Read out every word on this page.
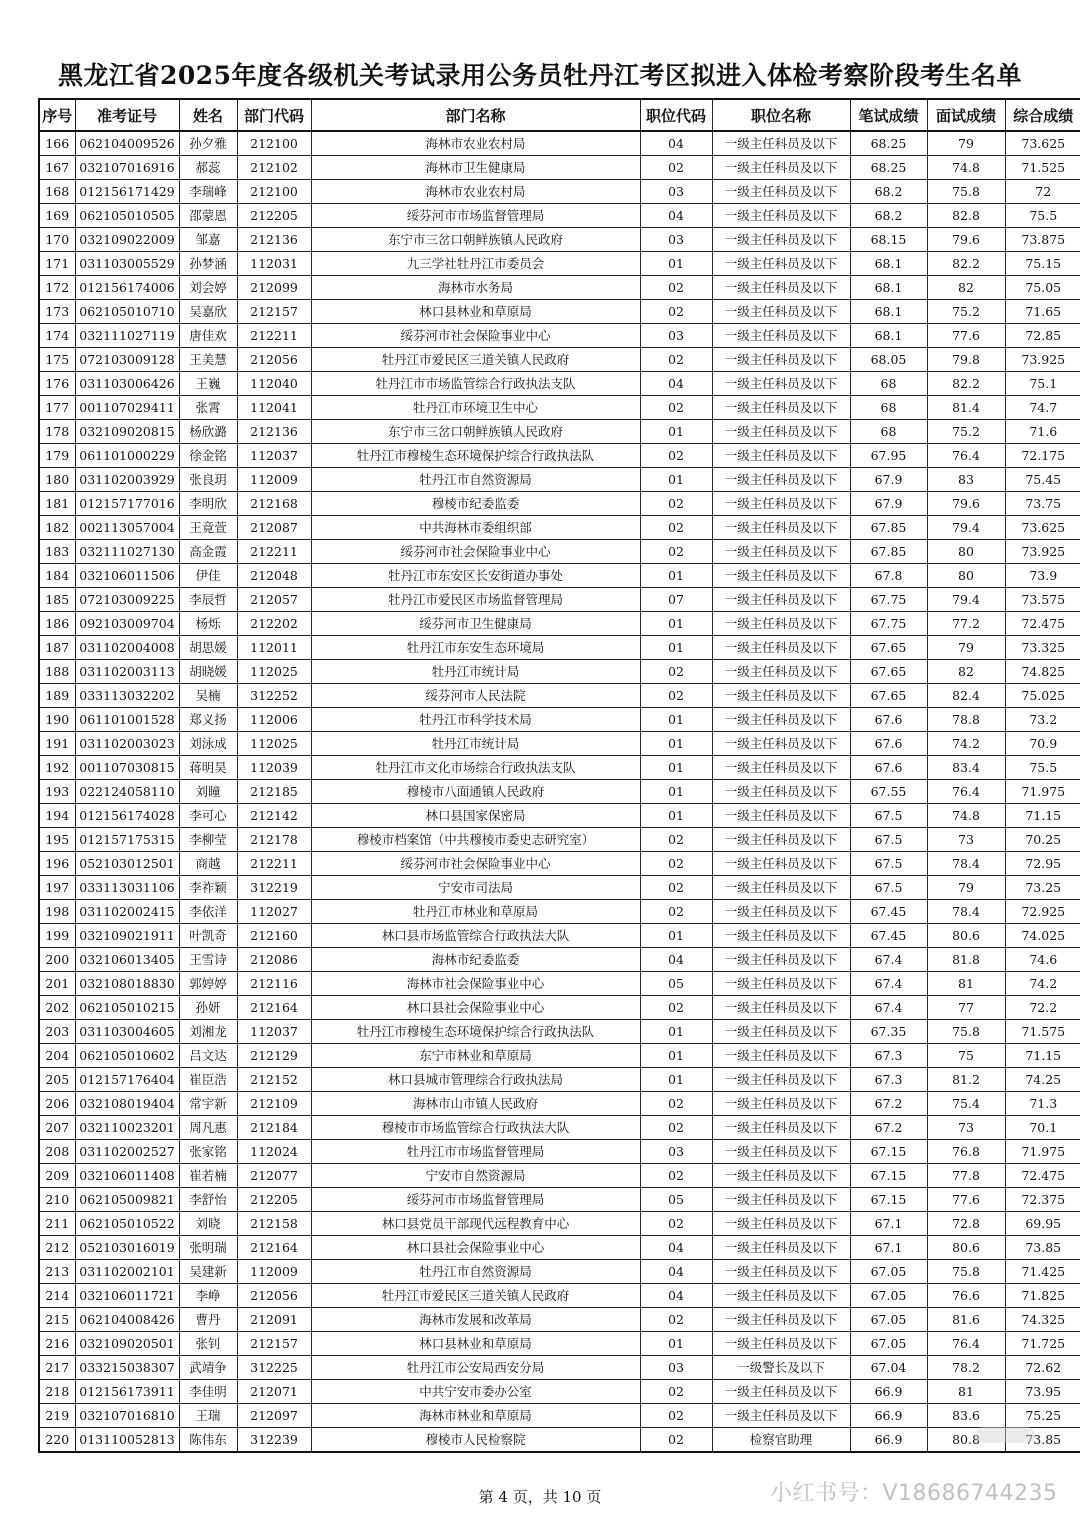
黑龙江省2025年度各级机关考试录用公务员牡丹江考区拟进入体检考察阶段考生名单
序号	准考证号	姓名	部门代码	部门名称	职位代码	职位名称	笔试成绩	面试成绩	综合成绩
166	062104009526	孙夕雅	212100	海林市农业农村局	04	一级主任科员及以下	68.25	79	73.625
167	032107016916	郝蕊	212102	海林市卫生健康局	02	一级主任科员及以下	68.25	74.8	71.525
168	012156171429	李瑞峰	212100	海林市农业农村局	03	一级主任科员及以下	68.2	75.8	72
169	062105010505	邵蒙恩	212205	绥芬河市市场监督管理局	04	一级主任科员及以下	68.2	82.8	75.5
170	032109022009	邹嘉	212136	东宁市三岔口朝鲜族镇人民政府	03	一级主任科员及以下	68.15	79.6	73.875
171	031103005529	孙梦涵	112031	九三学社牡丹江市委员会	01	一级主任科员及以下	68.1	82.2	75.15
172	012156174006	刘会婷	212099	海林市水务局	02	一级主任科员及以下	68.1	82	75.05
173	062105010710	吴嘉欣	212157	林口县林业和草原局	02	一级主任科员及以下	68.1	75.2	71.65
174	032111027119	唐佳欢	212211	绥芬河市社会保险事业中心	03	一级主任科员及以下	68.1	77.6	72.85
175	072103009128	王美慧	212056	牡丹江市爱民区三道关镇人民政府	02	一级主任科员及以下	68.05	79.8	73.925
176	031103006426	王巍	112040	牡丹江市市场监管综合行政执法支队	04	一级主任科员及以下	68	82.2	75.1
177	001107029411	张霄	112041	牡丹江市环境卫生中心	02	一级主任科员及以下	68	81.4	74.7
178	032109020815	杨欣潞	212136	东宁市三岔口朝鲜族镇人民政府	01	一级主任科员及以下	68	75.2	71.6
179	061101000229	徐金铭	112037	牡丹江市穆棱生态环境保护综合行政执法队	02	一级主任科员及以下	67.95	76.4	72.175
180	031102003929	张良玥	112009	牡丹江市自然资源局	01	一级主任科员及以下	67.9	83	75.45
181	012157177016	李明欣	212168	穆棱市纪委监委	02	一级主任科员及以下	67.9	79.6	73.75
182	002113057004	王竟萱	212087	中共海林市委组织部	02	一级主任科员及以下	67.85	79.4	73.625
183	032111027130	高金霞	212211	绥芬河市社会保险事业中心	02	一级主任科员及以下	67.85	80	73.925
184	032106011506	伊佳	212048	牡丹江市东安区长安街道办事处	01	一级主任科员及以下	67.8	80	73.9
185	072103009225	李辰哲	212057	牡丹江市爱民区市场监督管理局	07	一级主任科员及以下	67.75	79.4	73.575
186	092103009704	杨烁	212202	绥芬河市卫生健康局	01	一级主任科员及以下	67.75	77.2	72.475
187	031102004008	胡思媛	112011	牡丹江市东安生态环境局	01	一级主任科员及以下	67.65	79	73.325
188	031102003113	胡晓媛	112025	牡丹江市统计局	02	一级主任科员及以下	67.65	82	74.825
189	033113032202	吴楠	312252	绥芬河市人民法院	02	一级主任科员及以下	67.65	82.4	75.025
190	061101001528	郑义扬	112006	牡丹江市科学技术局	01	一级主任科员及以下	67.6	78.8	73.2
191	031102003023	刘泳成	112025	牡丹江市统计局	01	一级主任科员及以下	67.6	74.2	70.9
192	001107030815	蒋明昊	112039	牡丹江市文化市场综合行政执法支队	01	一级主任科员及以下	67.6	83.4	75.5
193	022124058110	刘瞳	212185	穆棱市八面通镇人民政府	01	一级主任科员及以下	67.55	76.4	71.975
194	012156174028	李可心	212142	林口县国家保密局	01	一级主任科员及以下	67.5	74.8	71.15
195	012157175315	李柳莹	212178	穆棱市档案馆（中共穆棱市委史志研究室）	02	一级主任科员及以下	67.5	73	70.25
196	052103012501	商越	212211	绥芬河市社会保险事业中心	02	一级主任科员及以下	67.5	78.4	72.95
197	033113031106	李祚颖	312219	宁安市司法局	02	一级主任科员及以下	67.5	79	73.25
198	031102002415	李依洋	112027	牡丹江市林业和草原局	02	一级主任科员及以下	67.45	78.4	72.925
199	032109021911	叶凯奇	212160	林口县市场监管综合行政执法大队	01	一级主任科员及以下	67.45	80.6	74.025
200	032106013405	王雪诗	212086	海林市纪委监委	04	一级主任科员及以下	67.4	81.8	74.6
201	032108018830	郭婷婷	212116	海林市社会保险事业中心	05	一级主任科员及以下	67.4	81	74.2
202	062105010215	孙妍	212164	林口县社会保险事业中心	02	一级主任科员及以下	67.4	77	72.2
203	031103004605	刘湘龙	112037	牡丹江市穆棱生态环境保护综合行政执法队	01	一级主任科员及以下	67.35	75.8	71.575
204	062105010602	吕文达	212129	东宁市林业和草原局	01	一级主任科员及以下	67.3	75	71.15
205	012157176404	崔臣浩	212152	林口县城市管理综合行政执法局	01	一级主任科员及以下	67.3	81.2	74.25
206	032108019404	常宇新	212109	海林市山市镇人民政府	02	一级主任科员及以下	67.2	75.4	71.3
207	032110023201	周凡惠	212184	穆棱市市场监管综合行政执法大队	02	一级主任科员及以下	67.2	73	70.1
208	031102002527	张家铭	112024	牡丹江市市场监督管理局	03	一级主任科员及以下	67.15	76.8	71.975
209	032106011408	崔若楠	212077	宁安市自然资源局	02	一级主任科员及以下	67.15	77.8	72.475
210	062105009821	李舒怡	212205	绥芬河市市场监督管理局	05	一级主任科员及以下	67.15	77.6	72.375
211	062105010522	刘晓	212158	林口县党员干部现代远程教育中心	02	一级主任科员及以下	67.1	72.8	69.95
212	052103016019	张明瑞	212164	林口县社会保险事业中心	04	一级主任科员及以下	67.1	80.6	73.85
213	031102002101	吴建新	112009	牡丹江市自然资源局	04	一级主任科员及以下	67.05	75.8	71.425
214	032106011721	李峥	212056	牡丹江市爱民区三道关镇人民政府	04	一级主任科员及以下	67.05	76.6	71.825
215	062104008426	曹丹	212091	海林市发展和改革局	02	一级主任科员及以下	67.05	81.6	74.325
216	032109020501	张钊	212157	林口县林业和草原局	01	一级主任科员及以下	67.05	76.4	71.725
217	033215038307	武靖争	312225	牡丹江市公安局西安分局	03	一级警长及以下	67.04	78.2	72.62
218	012156173911	李佳明	212071	中共宁安市委办公室	02	一级主任科员及以下	66.9	81	73.95
219	032107016810	王瑞	212097	海林市林业和草原局	02	一级主任科员及以下	66.9	83.6	75.25
220	013110052813	陈伟东	312239	穆棱市人民检察院	02	检察官助理	66.9	80.8	73.85
第 4 页，共 10 页	小红书号：V18686744235
